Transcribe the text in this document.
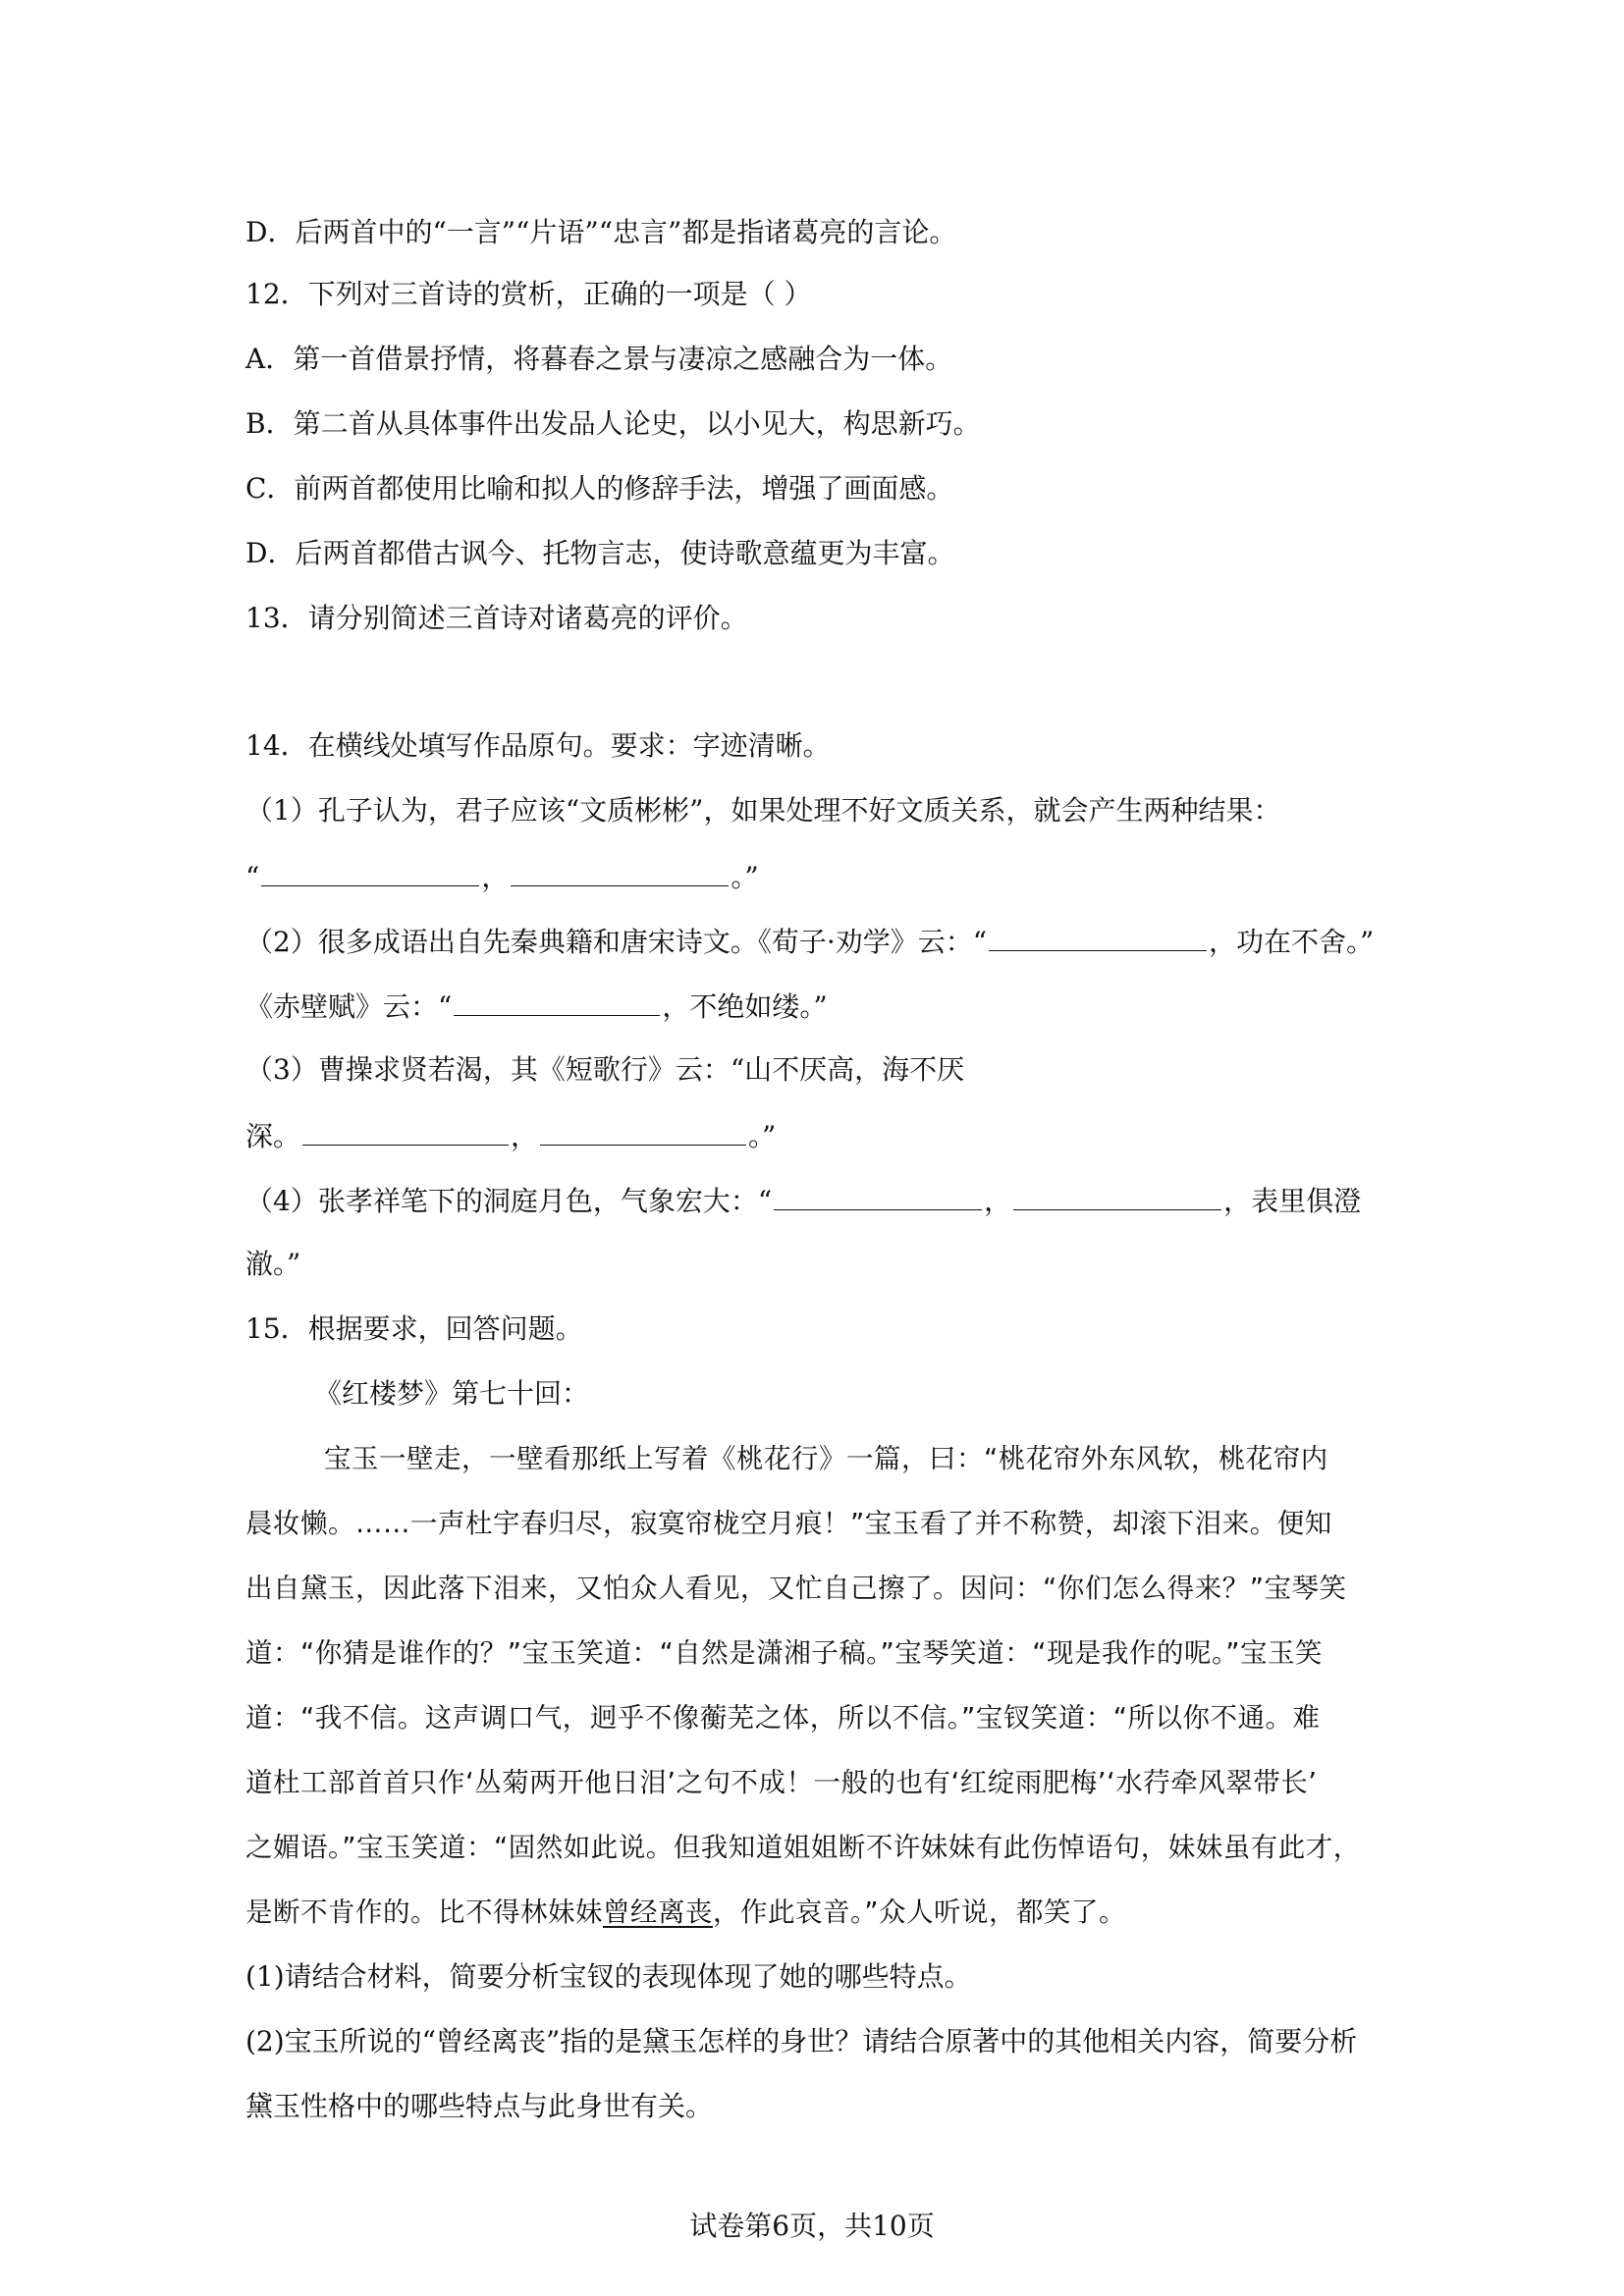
D．后两首中的“一言”“片语”“忠言”都是指诸葛亮的言论。
12．下列对三首诗的赏析，正确的一项是（ ）
A．第一首借景抒情，将暮春之景与凄凉之感融合为一体。
B．第二首从具体事件出发品人论史，以小见大，构思新巧。
C．前两首都使用比喻和拟人的修辞手法，增强了画面感。
D．后两首都借古讽今、托物言志，使诗歌意蕴更为丰富。
13．请分别简述三首诗对诸葛亮的评价。
14．在横线处填写作品原句。要求：字迹清晰。
（1）孔子认为，君子应该“文质彬彬”，如果处理不好文质关系，就会产生两种结果：
“	，	。”
（2）很多成语出自先秦典籍和唐宋诗文。《荀子·劝学》云：“	，功在不舍。”
《赤壁赋》云：“	，不绝如缕。”
（3）曹操求贤若渴，其《短歌行》云：“山不厌高，海不厌
深。	，	。”
（4）张孝祥笔下的洞庭月色，气象宏大：“	，	，表里俱澄
澈。”
15．根据要求，回答问题。
《红楼梦》第七十回：
宝玉一壁走，一壁看那纸上写着《桃花行》一篇，曰：“桃花帘外东风软，桃花帘内
晨妆懒。……一声杜宇春归尽，寂寞帘栊空月痕！”宝玉看了并不称赞，却滚下泪来。便知
出自黛玉，因此落下泪来，又怕众人看见，又忙自己擦了。因问：“你们怎么得来？”宝琴笑
道：“你猜是谁作的？”宝玉笑道：“自然是潇湘子稿。”宝琴笑道：“现是我作的呢。”宝玉笑
道：“我不信。这声调口气，迥乎不像蘅芜之体，所以不信。”宝钗笑道：“所以你不通。难
道杜工部首首只作‘丛菊两开他日泪’之句不成！一般的也有‘红绽雨肥梅’‘水荇牵风翠带长’
之媚语。”宝玉笑道：“固然如此说。但我知道姐姐断不许妹妹有此伤悼语句，妹妹虽有此才，
是断不肯作的。比不得林妹妹曾经离丧，作此哀音。”众人听说，都笑了。
(1)请结合材料，简要分析宝钗的表现体现了她的哪些特点。
(2)宝玉所说的“曾经离丧”指的是黛玉怎样的身世？请结合原著中的其他相关内容，简要分析
黛玉性格中的哪些特点与此身世有关。
试卷第6页，共10页
